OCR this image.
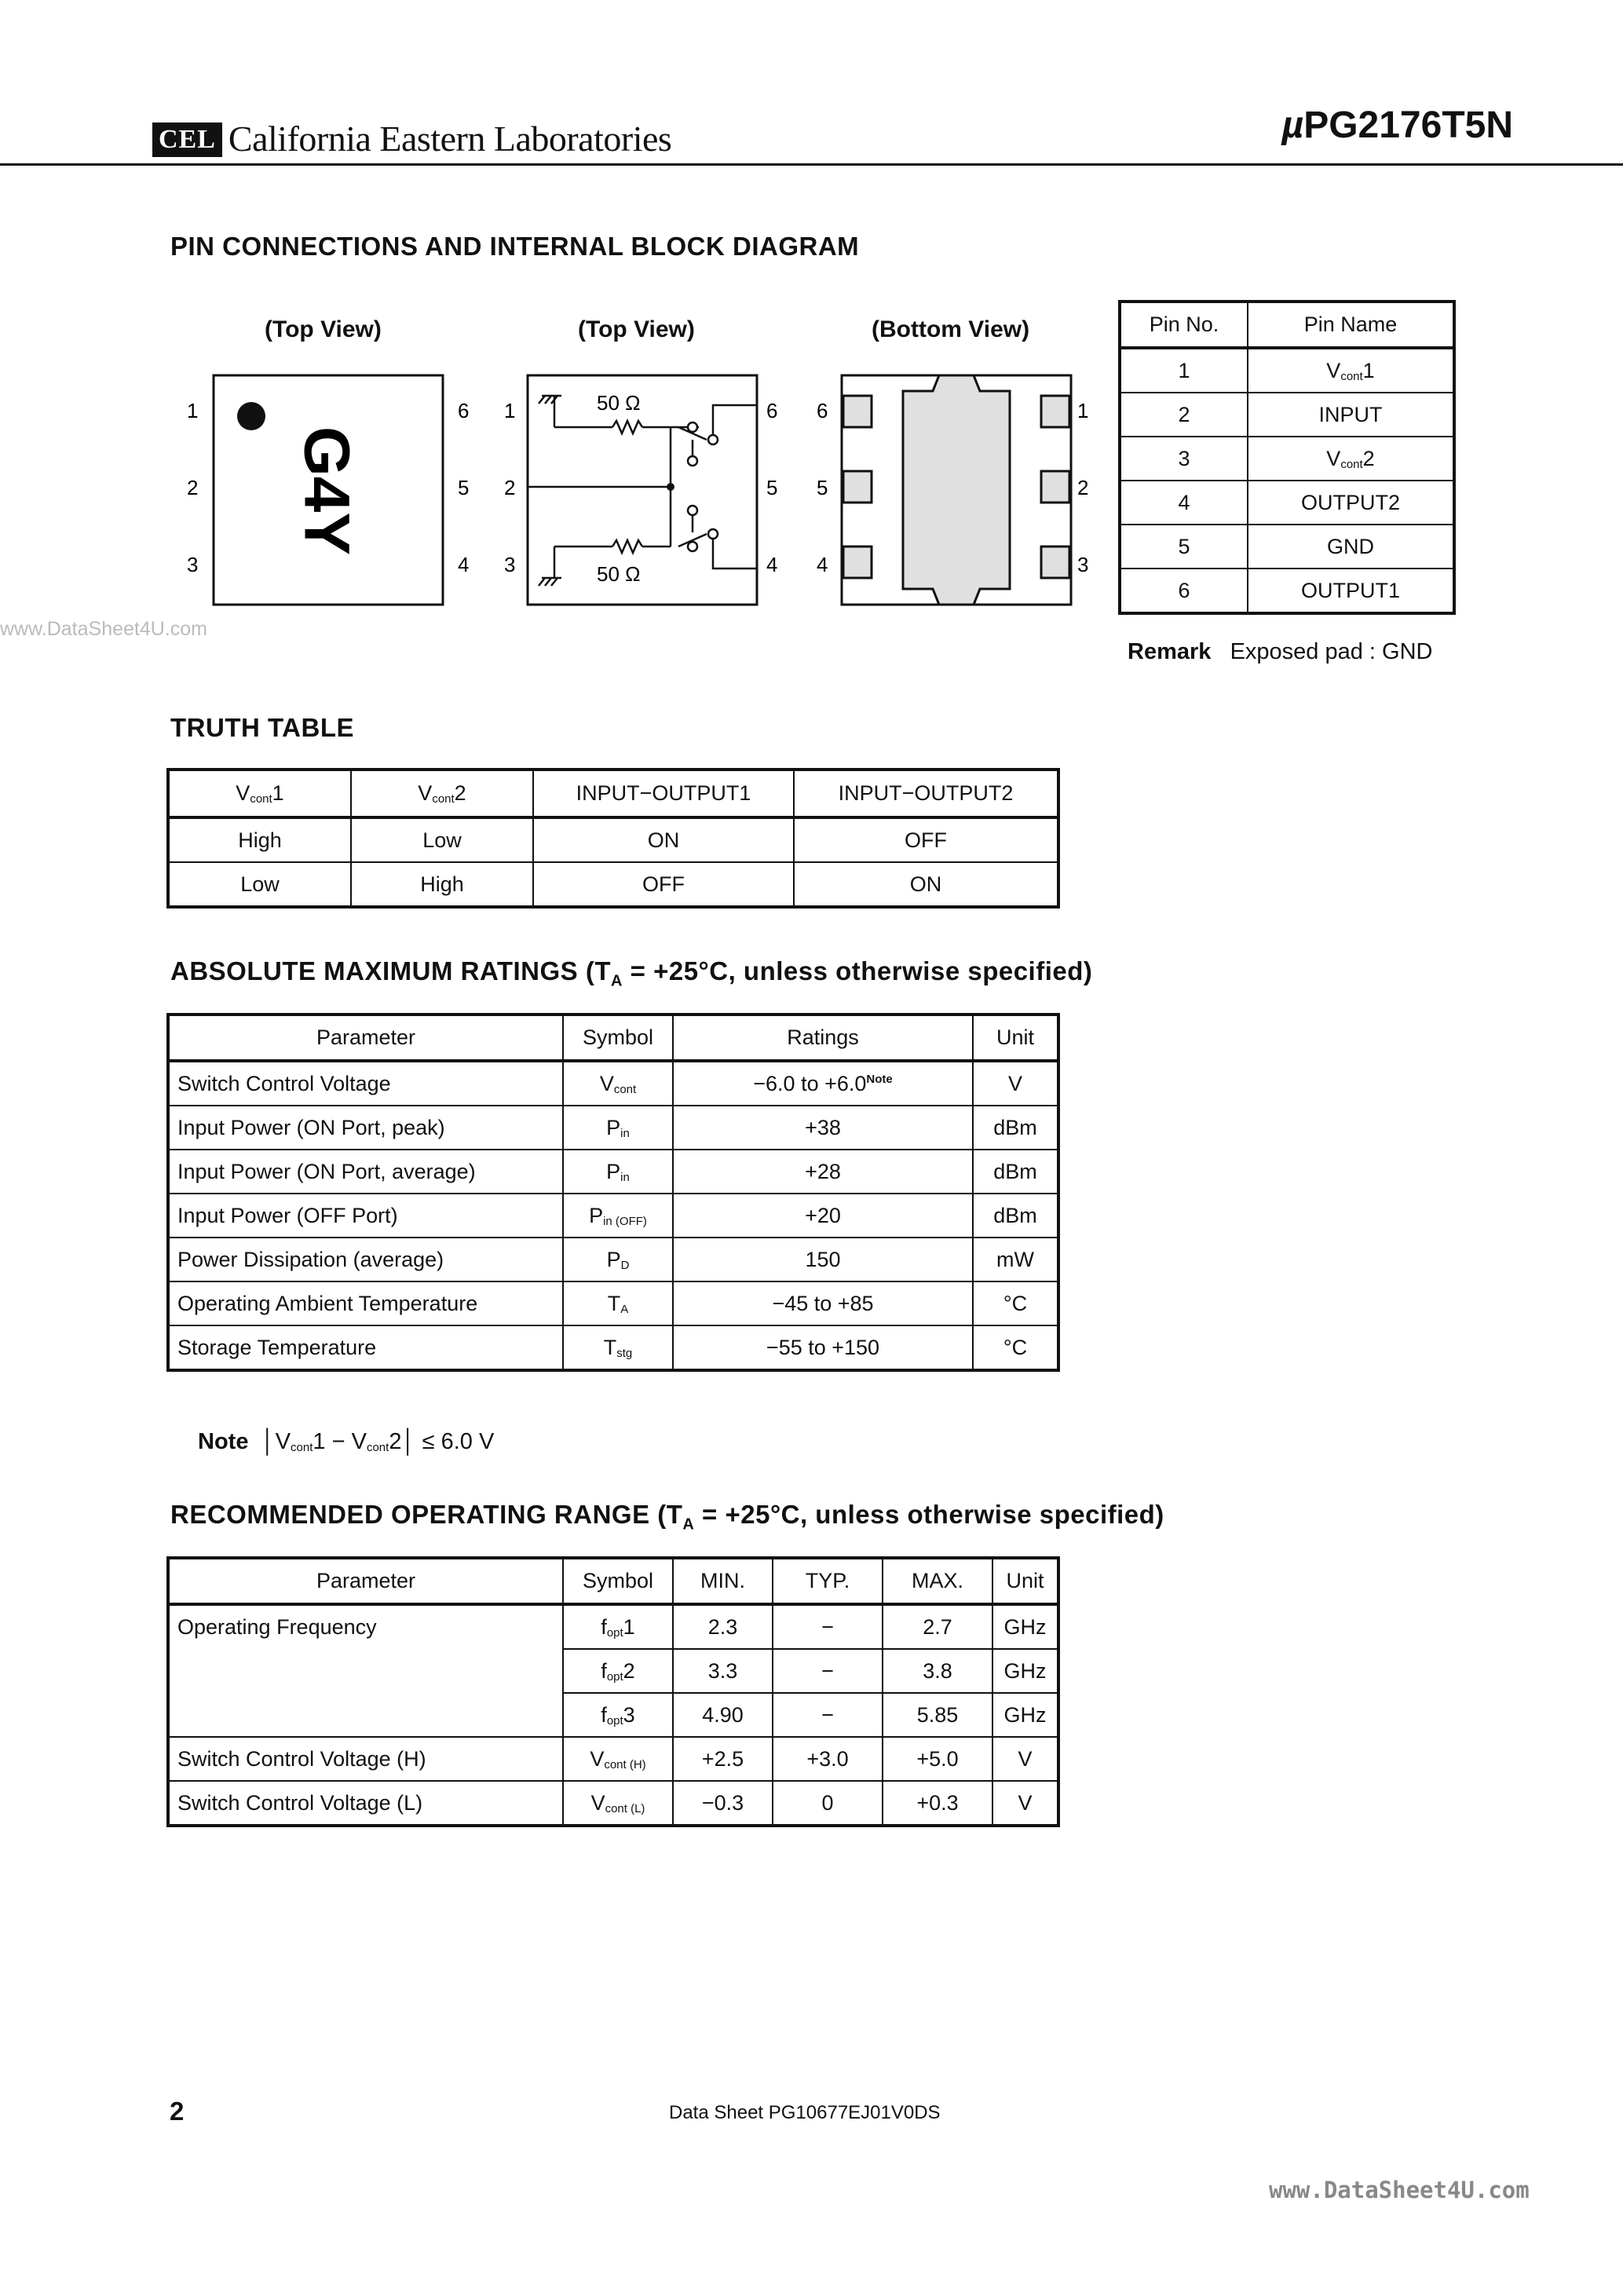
CEL California Eastern Laboratories	µPG2176T5N
PIN CONNECTIONS AND INTERNAL BLOCK DIAGRAM
(Top View)	(Top View)	(Bottom View)
G4Y
1
2
3
6
5
4
1
2
3
6
5
4
50 Ω
50 Ω
6
5
4
1
2
3
Pin No.	Pin Name
1	$V_{cont}1$
2	INPUT
3	$V_{cont}2$
4	OUTPUT2
5	GND
6	OUTPUT1
Remark Exposed pad : GND
www.DataSheet4U.com
TRUTH TABLE
$V_{cont}1$	$V_{cont}2$	INPUT−OUTPUT1	INPUT−OUTPUT2
High	Low	ON	OFF
Low	High	OFF	ON
ABSOLUTE MAXIMUM RATINGS ($T_A = +25^\circ C$, unless otherwise specified)
Parameter	Symbol	Ratings	Unit
Switch Control Voltage	$V_{cont}$	−6.0 to $+6.0^{Note}$	V
Input Power (ON Port, peak)	$P_{in}$	+38	dBm
Input Power (ON Port, average)	$P_{in}$	+28	dBm
Input Power (OFF Port)	$P_{in (OFF)}$	+20	dBm
Power Dissipation (average)	$P_D$	150	mW
Operating Ambient Temperature	$T_A$	−45 to +85	°C
Storage Temperature	$T_{stg}$	−55 to +150	°C
Note  $│V_{cont}1$ − $V_{cont}2│ \le 6.0$ V
RECOMMENDED OPERATING RANGE ($T_A = +25^\circ C$, unless otherwise specified)
Parameter	Symbol	MIN.	TYP.	MAX.	Unit
Operating Frequency	$f_{opt}1$	2.3	−	2.7	GHz
	$f_{opt}2$	3.3	−	3.8	GHz
	$f_{opt}3$	4.90	−	5.85	GHz
Switch Control Voltage (H)	$V_{cont (H)}$	+2.5	+3.0	+5.0	V
Switch Control Voltage (L)	$V_{cont (L)}$	−0.3	0	+0.3	V
2	Data Sheet PG10677EJ01V0DS
www.DataSheet4U.com
